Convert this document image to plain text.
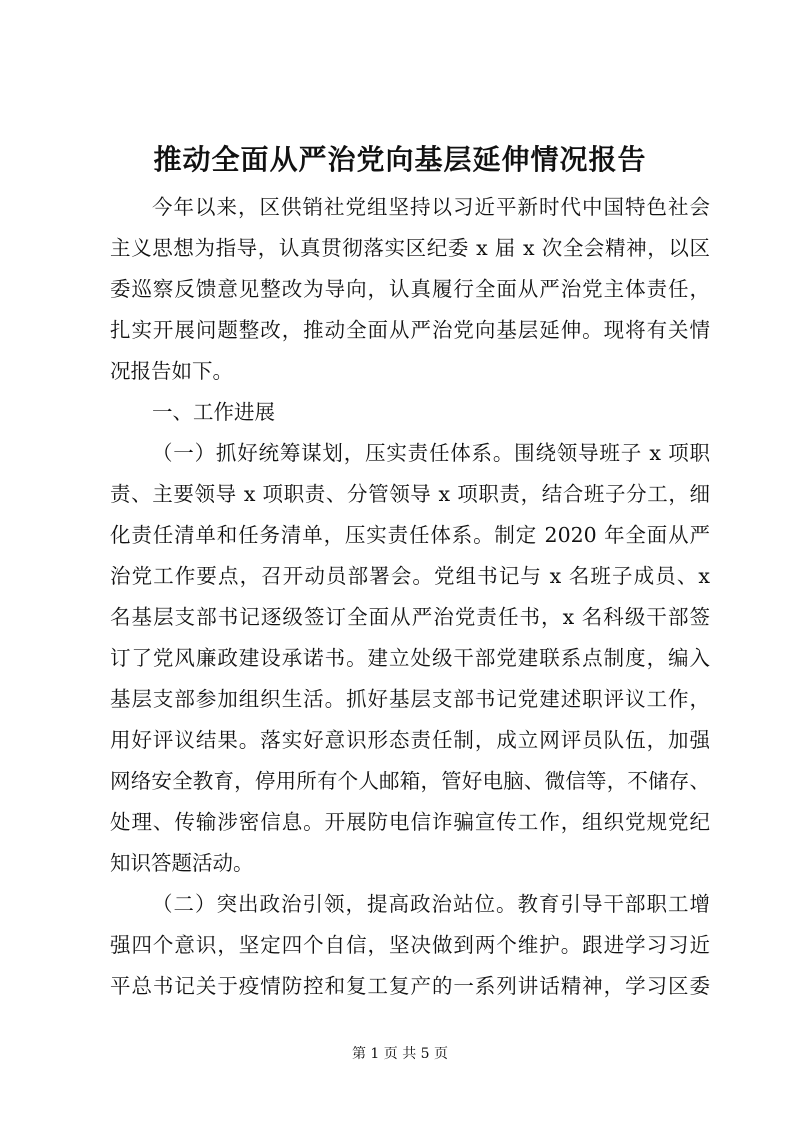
推动全面从严治党向基层延伸情况报告
今年以来，区供销社党组坚持以习近平新时代中国特色社会
主义思想为指导，认真贯彻落实区纪委 x 届 x 次全会精神，以区
委巡察反馈意见整改为导向，认真履行全面从严治党主体责任，
扎实开展问题整改，推动全面从严治党向基层延伸。现将有关情
况报告如下。
一、工作进展
（一）抓好统筹谋划，压实责任体系。围绕领导班子 x 项职
责、主要领导 x 项职责、分管领导 x 项职责，结合班子分工，细
化责任清单和任务清单，压实责任体系。制定 2020 年全面从严
治党工作要点，召开动员部署会。党组书记与 x 名班子成员、x
名基层支部书记逐级签订全面从严治党责任书，x 名科级干部签
订了党风廉政建设承诺书。建立处级干部党建联系点制度，编入
基层支部参加组织生活。抓好基层支部书记党建述职评议工作，
用好评议结果。落实好意识形态责任制，成立网评员队伍，加强
网络安全教育，停用所有个人邮箱，管好电脑、微信等，不储存、
处理、传输涉密信息。开展防电信诈骗宣传工作，组织党规党纪
知识答题活动。
（二）突出政治引领，提高政治站位。教育引导干部职工增
强四个意识，坚定四个自信，坚决做到两个维护。跟进学习习近
平总书记关于疫情防控和复工复产的一系列讲话精神，学习区委
第 1 页 共 5 页
